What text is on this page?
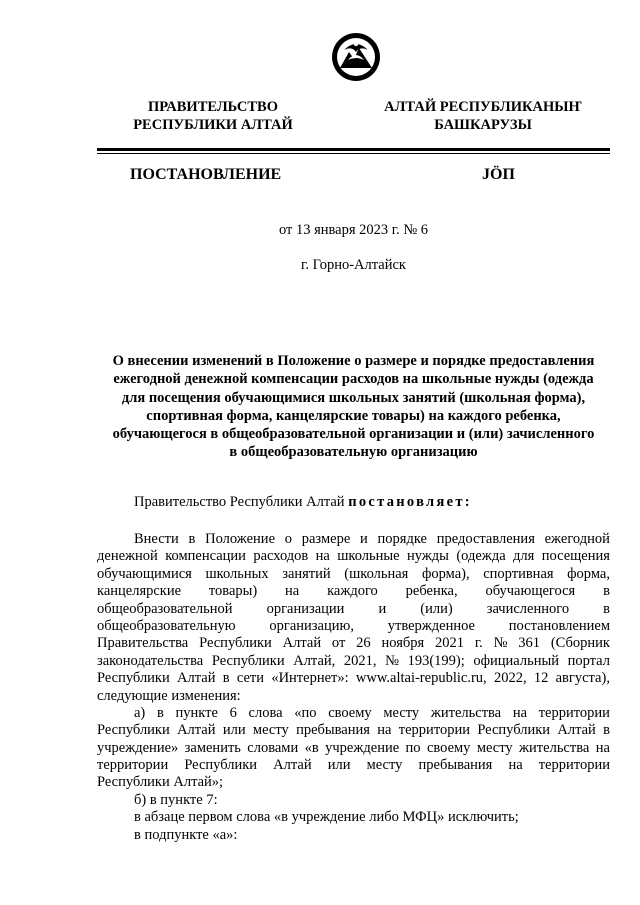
ПРАВИТЕЛЬСТВО
РЕСПУБЛИКИ АЛТАЙ
АЛТАЙ РЕСПУБЛИКАНЫҤ
БАШКАРУЗЫ
ПОСТАНОВЛЕНИЕ	JÖП
от 13 января 2023 г. № 6
г. Горно-Алтайск
О внесении изменений в Положение о размере и порядке предоставления
ежегодной денежной компенсации расходов на школьные нужды (одежда
для посещения обучающимися школьных занятий (школьная форма),
спортивная форма, канцелярские товары) на каждого ребенка,
обучающегося в общеобразовательной организации и (или) зачисленного
в общеобразовательную организацию
Правительство Республики Алтай постановляет:
Внести в Положение о размере и порядке предоставления ежегодной
денежной компенсации расходов на школьные нужды (одежда для посещения
обучающимися школьных занятий (школьная форма), спортивная форма,
канцелярские товары) на каждого ребенка, обучающегося в
общеобразовательной организации и (или) зачисленного в
общеобразовательную организацию, утвержденное постановлением
Правительства Республики Алтай от 26 ноября 2021 г. № 361 (Сборник
законодательства Республики Алтай, 2021, № 193(199); официальный портал
Республики Алтай в сети «Интернет»: www.altai-republic.ru, 2022, 12 августа),
следующие изменения:
а) в пункте 6 слова «по своему месту жительства на территории
Республики Алтай или месту пребывания на территории Республики Алтай в
учреждение» заменить словами «в учреждение по своему месту жительства на
территории Республики Алтай или месту пребывания на территории
Республики Алтай»;
б) в пункте 7:
в абзаце первом слова «в учреждение либо МФЦ» исключить;
в подпункте «а»:
